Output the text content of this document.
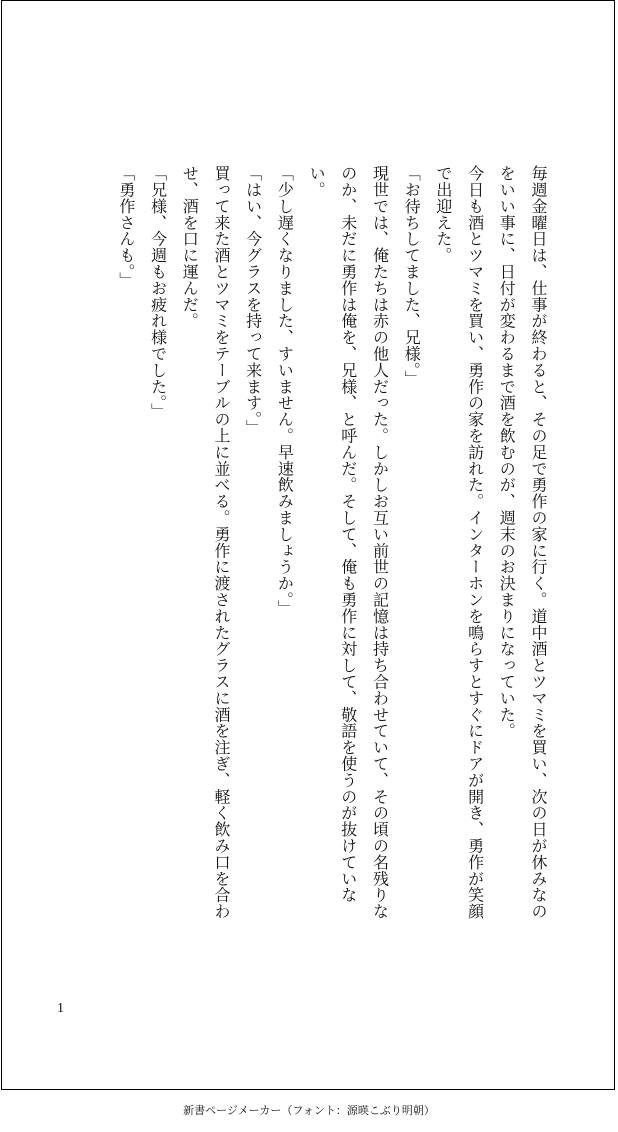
毎週金曜日は、仕事が終わると、その足で勇作の家に行く。道中酒とツマミを買い、次の日が休みなのをいい事に、日付が変わるまで酒を飲むのが、週末のお決まりになっていた。

今日も酒とツマミを買い、勇作の家を訪れた。インターホンを鳴らすとすぐにドアが開き、勇作が笑顔で出迎えた。

「お待ちしてました、兄様。」

現世では、俺たちは赤の他人だった。しかしお互い前世の記憶は持ち合わせていて、その頃の名残りなのか、未だに勇作は俺を、兄様、と呼んだ。そして、俺も勇作に対して、敬語を使うのが抜けていない。

「少し遅くなりました、すいません。早速飲みましょうか。」

「はい、今グラスを持って来ます。」

買って来た酒とツマミをテーブルの上に並べる。勇作に渡されたグラスに酒を注ぎ、軽く飲み口を合わせ、酒を口に運んだ。

「兄様、今週もお疲れ様でした。」

「勇作さんも。」

1
新書ページメーカー（フォント：源暎こぶり明朝）
